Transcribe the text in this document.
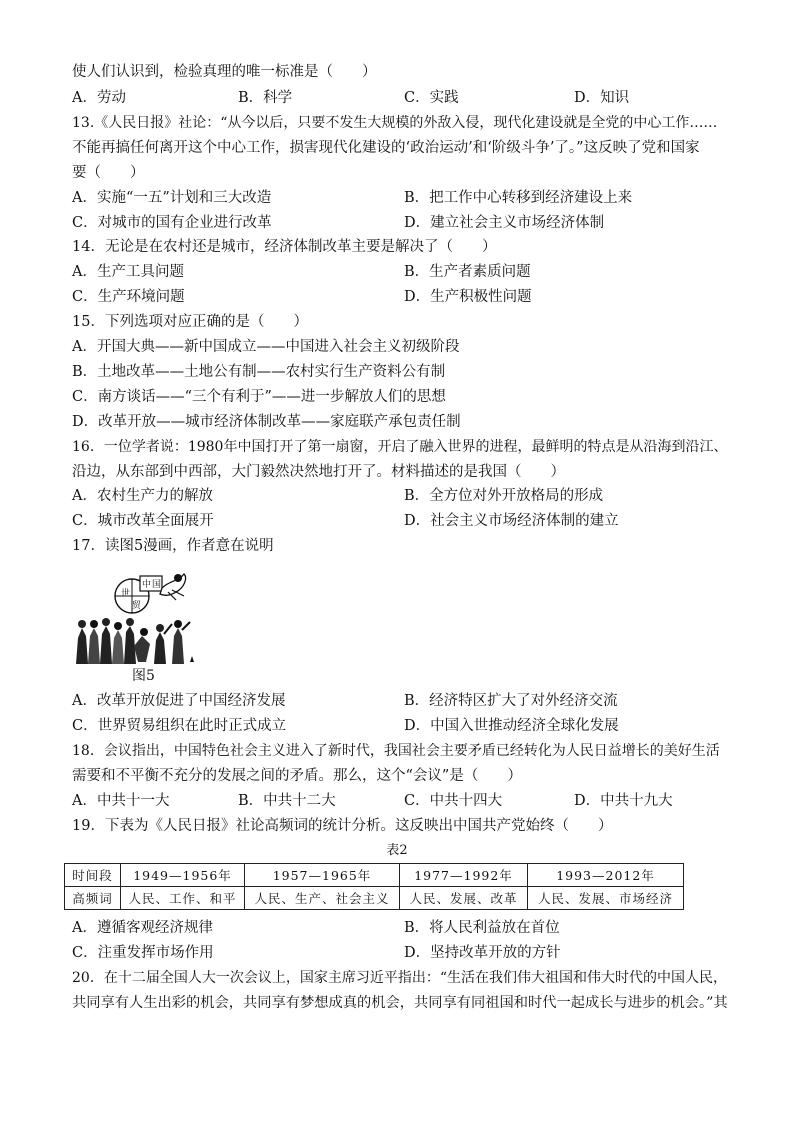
使人们认识到，检验真理的唯一标准是（　　）
A．劳动	B．科学	C．实践	D．知识
13.《人民日报》社论：“从今以后，只要不发生大规模的外敌入侵，现代化建设就是全党的中心工作……
不能再搞任何离开这个中心工作，损害现代化建设的‘政治运动’和‘阶级斗争’了。”这反映了党和国家
要（　　）
A．实施“一五”计划和三大改造	B．把工作中心转移到经济建设上来
C．对城市的国有企业进行改革	D．建立社会主义市场经济体制
14．无论是在农村还是城市，经济体制改革主要是解决了（　　）
A．生产工具问题	B．生产者素质问题
C．生产环境问题	D．生产积极性问题
15．下列选项对应正确的是（　　）
A．开国大典——新中国成立——中国进入社会主义初级阶段
B．土地改革——土地公有制——农村实行生产资料公有制
C．南方谈话——“三个有利于”——进一步解放人们的思想
D．改革开放——城市经济体制改革——家庭联产承包责任制
16．一位学者说：1980年中国打开了第一扇窗，开启了融入世界的进程，最鲜明的特点是从沿海到沿江、
沿边，从东部到中西部，大门毅然决然地打开了。材料描述的是我国（　　）
A．农村生产力的解放	B．全方位对外开放格局的形成
C．城市改革全面展开	D．社会主义市场经济体制的建立
17．读图5漫画，作者意在说明
世
贸
中 国
图5
A．改革开放促进了中国经济发展	B．经济特区扩大了对外经济交流
C．世界贸易组织在此时正式成立	D．中国入世推动经济全球化发展
18．会议指出，中国特色社会主义进入了新时代，我国社会主要矛盾已经转化为人民日益增长的美好生活
需要和不平衡不充分的发展之间的矛盾。那么，这个“会议”是（　　）
A．中共十一大	B．中共十二大	C．中共十四大	D．中共十九大
19．下表为《人民日报》社论高频词的统计分析。这反映出中国共产党始终（　　）
表2
时间段	1949—1956年	1957—1965年	1977—1992年	1993—2012年
高频词	人民、工作、和平	人民、生产、社会主义	人民、发展、改革	人民、发展、市场经济
A．遵循客观经济规律	B．将人民利益放在首位
C．注重发挥市场作用	D．坚持改革开放的方针
20．在十二届全国人大一次会议上，国家主席习近平指出：“生活在我们伟大祖国和伟大时代的中国人民，
共同享有人生出彩的机会，共同享有梦想成真的机会，共同享有同祖国和时代一起成长与进步的机会。”其
